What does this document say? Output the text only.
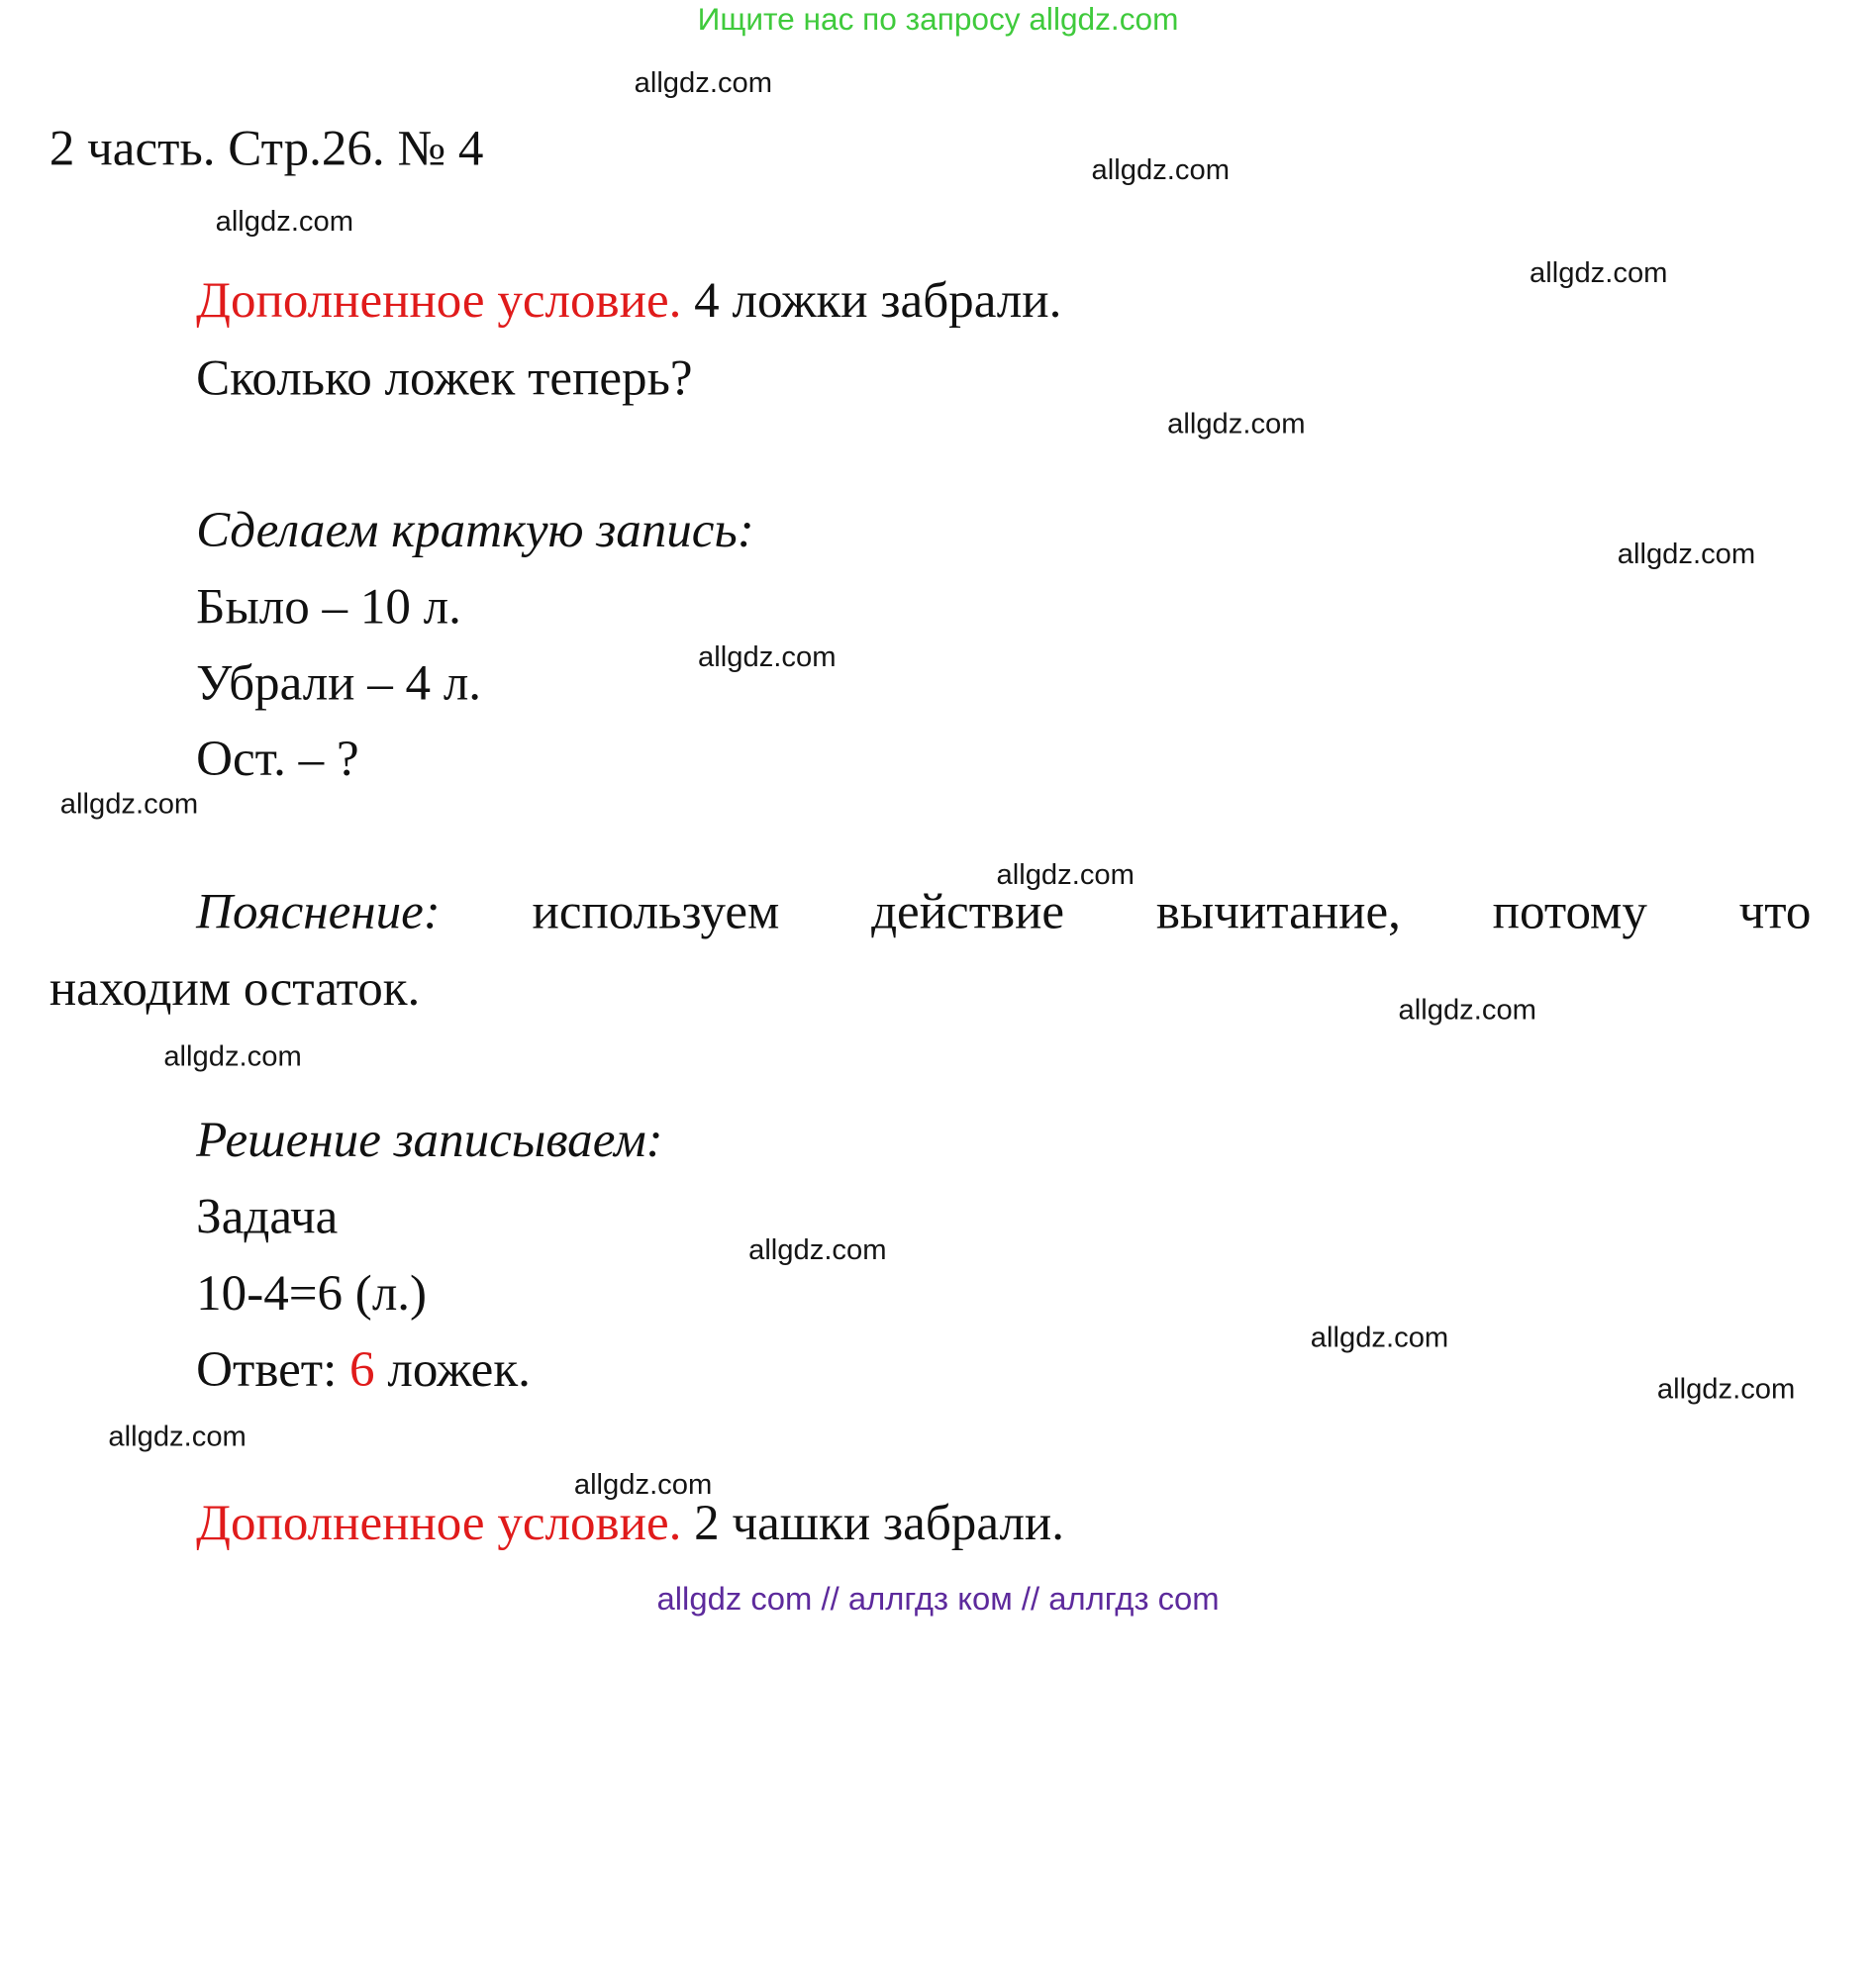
Ищите нас по запросу allgdz.com
2 часть. Стр.26. № 4
Дополненное условие. 4 ложки забрали.
Сколько ложек теперь?
Сделаем краткую запись:
Было – 10 л.
Убрали – 4 л.
Ост. – ?
Пояснение: используем действие вычитание, потому что
находим остаток.
Решение записываем:
Задача
10-4=6 (л.)
Ответ: 6 ложек.
Дополненное условие. 2 чашки забрали.
allgdz.com
allgdz.com
allgdz.com
allgdz.com
allgdz.com
allgdz.com
allgdz.com
allgdz.com
allgdz.com
allgdz.com
allgdz.com
allgdz.com
allgdz.com
allgdz.com
allgdz.com
allgdz.com
allgdz com // аллгдз ком // аллгдз com
